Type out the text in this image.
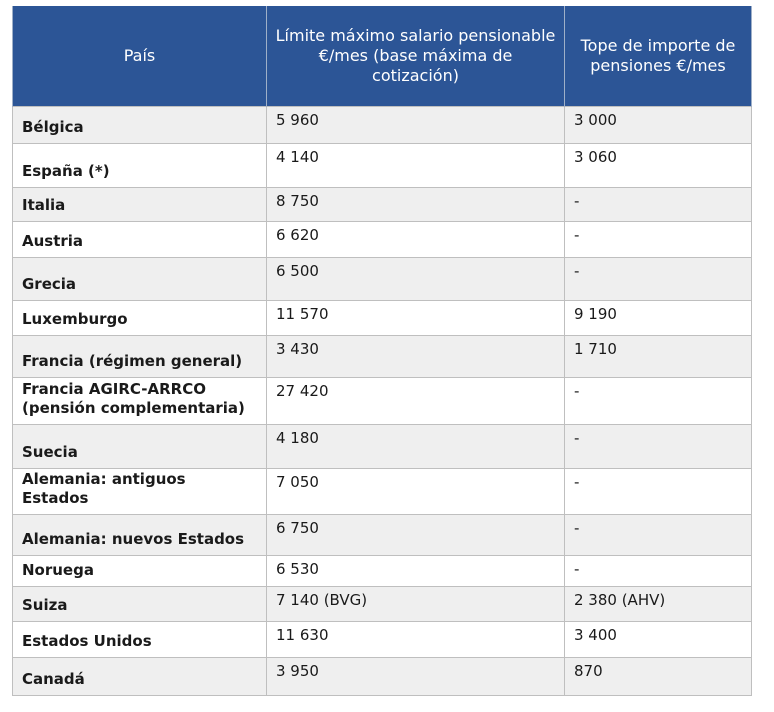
País	Límite máximo salario pensionable €/mes (base máxima de cotización)	Tope de importe de pensiones €/mes
Bélgica	5 960	3 000
España (*)	4 140	3 060
Italia	8 750	-
Austria	6 620	-
Grecia	6 500	-
Luxemburgo	11 570	9 190
Francia (régimen general)	3 430	1 710
Francia AGIRC-ARRCO (pensión complementaria)	27 420	-
Suecia	4 180	-
Alemania: antiguos Estados	7 050	-
Alemania: nuevos Estados	6 750	-
Noruega	6 530	-
Suiza	7 140 (BVG)	2 380 (AHV)
Estados Unidos	11 630	3 400
Canadá	3 950	870
